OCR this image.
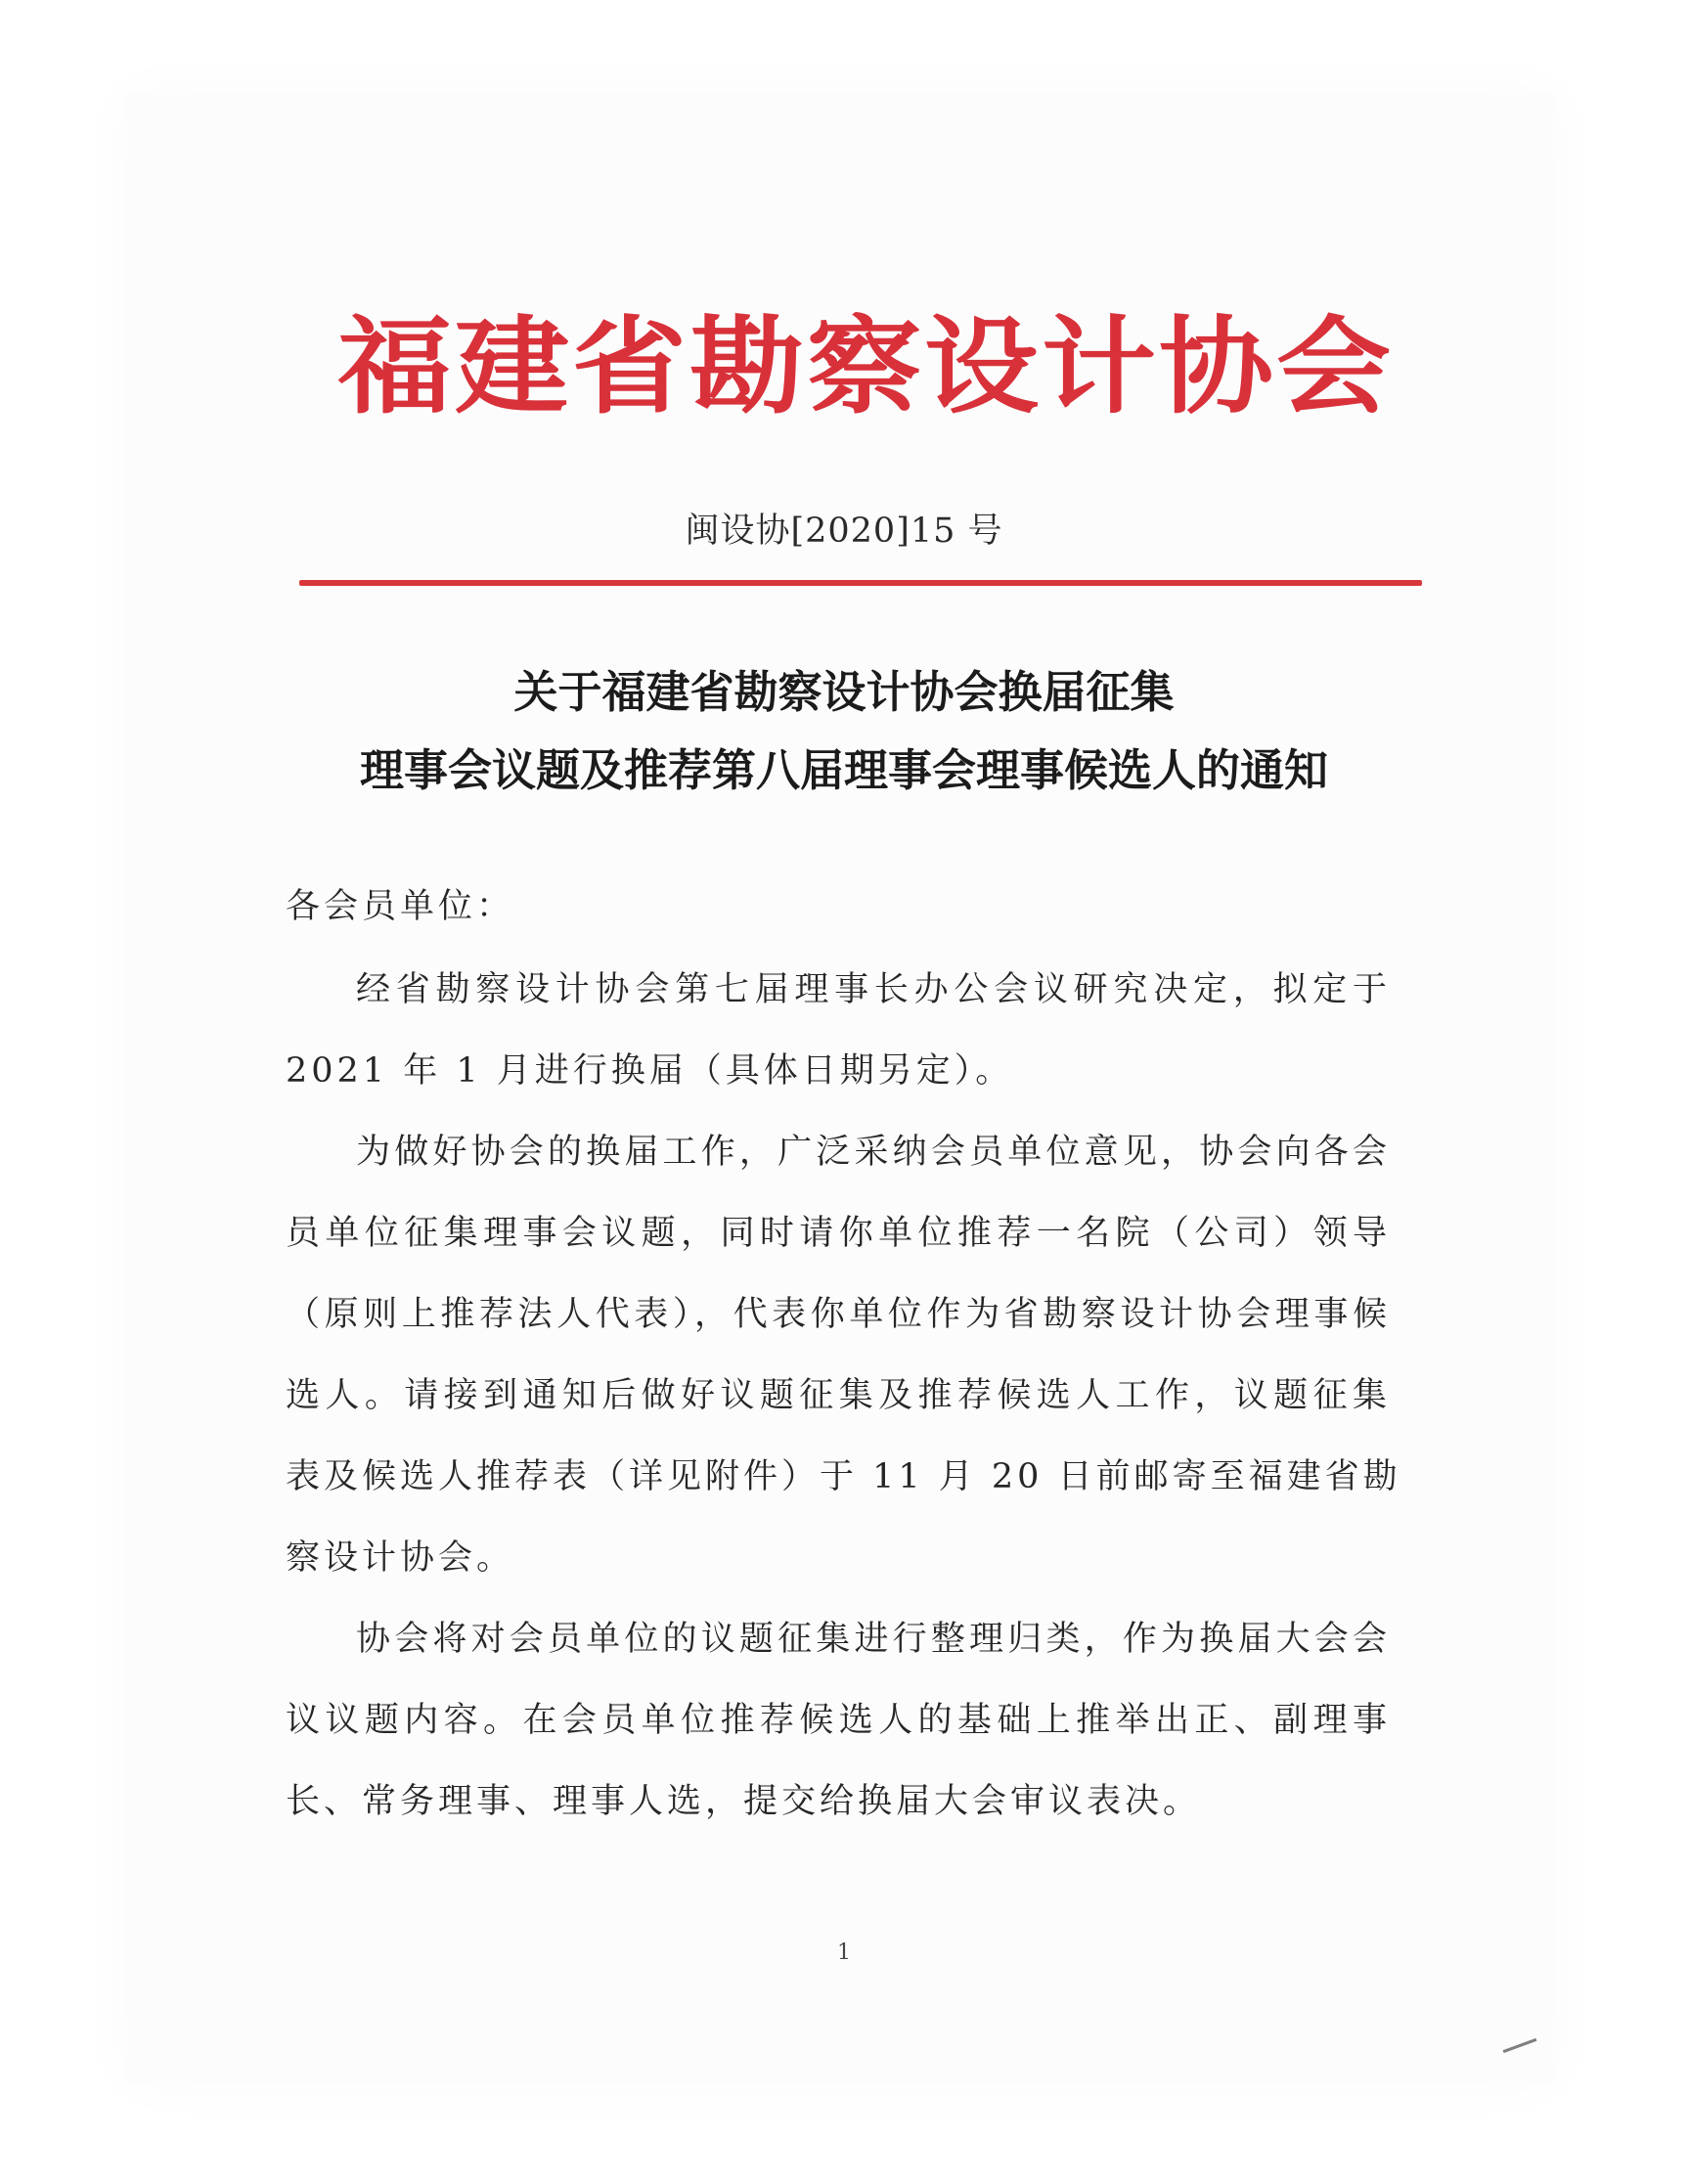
福建省勘察设计协会
闽设协[2020]15 号
关于福建省勘察设计协会换届征集
理事会议题及推荐第八届理事会理事候选人的通知
各会员单位：
经省勘察设计协会第七届理事长办公会议研究决定，拟定于
2021 年 1 月进行换届（具体日期另定）。
为做好协会的换届工作，广泛采纳会员单位意见，协会向各会
员单位征集理事会议题，同时请你单位推荐一名院（公司）领导
（原则上推荐法人代表），代表你单位作为省勘察设计协会理事候
选人。请接到通知后做好议题征集及推荐候选人工作，议题征集
表及候选人推荐表（详见附件）于 11 月 20 日前邮寄至福建省勘
察设计协会。
协会将对会员单位的议题征集进行整理归类，作为换届大会会
议议题内容。在会员单位推荐候选人的基础上推举出正、副理事
长、常务理事、理事人选，提交给换届大会审议表决。
1
